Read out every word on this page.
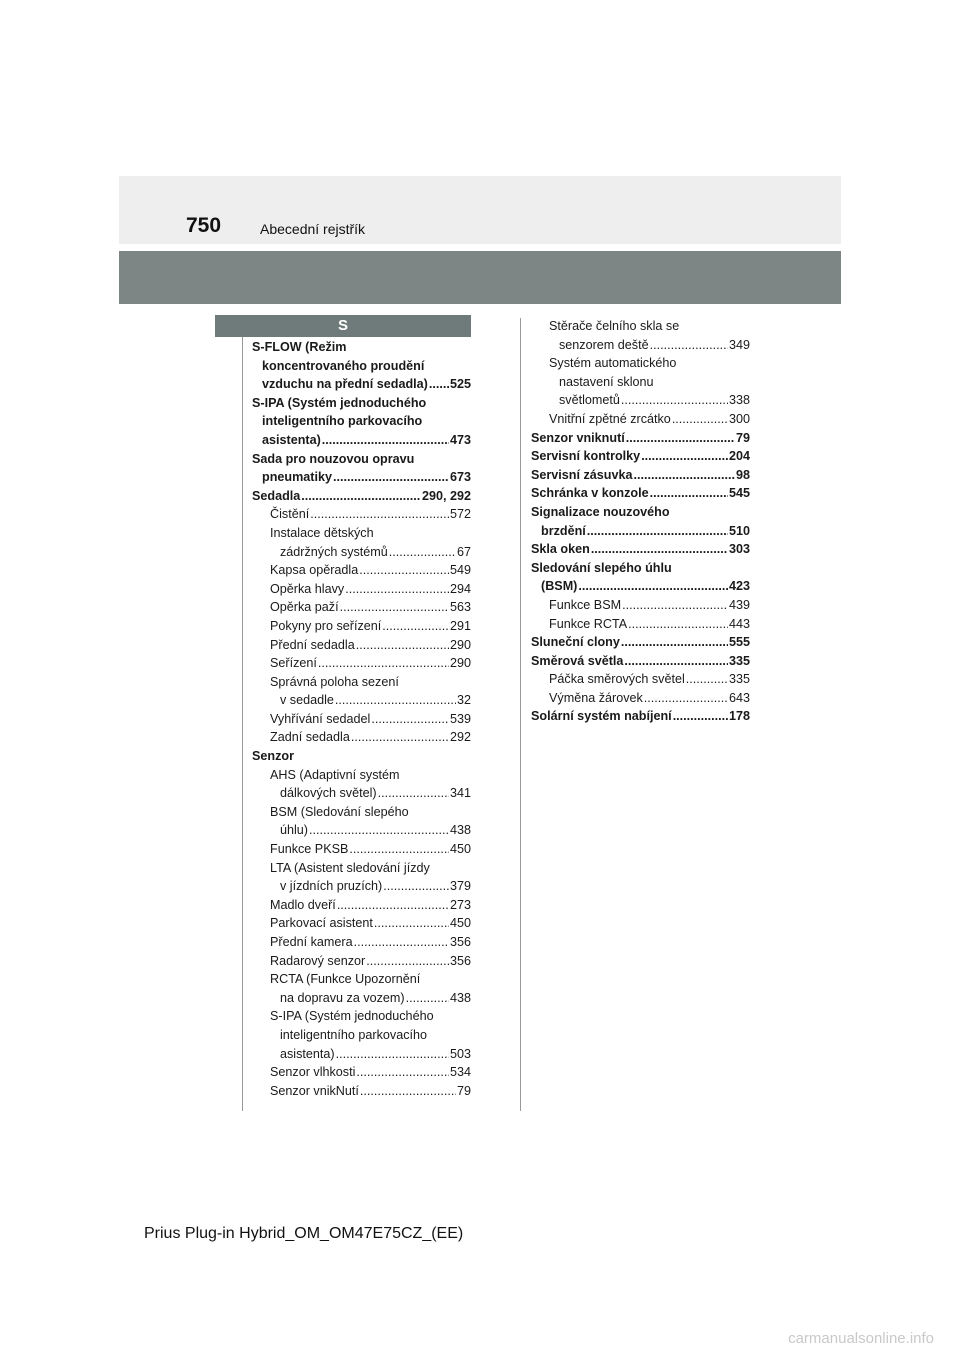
750	Abecední rejstřík
S
S-FLOW (Režim
koncentrovaného proudění
vzduchu na přední sedadla) ..... 525
S-IPA (Systém jednoduchého
inteligentního parkovacího
asistenta) .....	473
Sada pro nouzovou opravu
pneumatiky .....	673
Sedadla .....	290, 292
Čistění .....	572
Instalace dětských
zádržných systémů .....	67
Kapsa opěradla .....	549
Opěrka hlavy .....	294
Opěrka paží .....	563
Pokyny pro seřízení .....	291
Přední sedadla .....	290
Seřízení .....	290
Správná poloha sezení
v sedadle .....	32
Vyhřívání sedadel .....	539
Zadní sedadla .....	292
Senzor
AHS (Adaptivní systém
dálkových světel) .....	341
BSM (Sledování slepého
úhlu) .....	438
Funkce PKSB .....	450
LTA (Asistent sledování jízdy
v jízdních pruzích) .....	379
Madlo dveří .....	273
Parkovací asistent .....	450
Přední kamera .....	356
Radarový senzor .....	356
RCTA (Funkce Upozornění
na dopravu za vozem) .....	438
S-IPA (Systém jednoduchého
inteligentního parkovacího
asistenta) .....	503
Senzor vlhkosti .....	534
Senzor vnikNutí .....	79
Stěrače čelního skla se
senzorem deště .....	349
Systém automatického
nastavení sklonu
světlometů .....	338
Vnitřní zpětné zrcátko .....	300
Senzor vniknutí .....	79
Servisní kontrolky .....	204
Servisní zásuvka .....	98
Schránka v konzole .....	545
Signalizace nouzového
brzdění .....	510
Skla oken .....	303
Sledování slepého úhlu
(BSM) .....	423
Funkce BSM .....	439
Funkce RCTA .....	443
Sluneční clony .....	555
Směrová světla .....	335
Páčka směrových světel .....	335
Výměna žárovek .....	643
Solární systém nabíjení .....	178
Prius Plug-in Hybrid_OM_OM47E75CZ_(EE)
carmanualsonline.info
